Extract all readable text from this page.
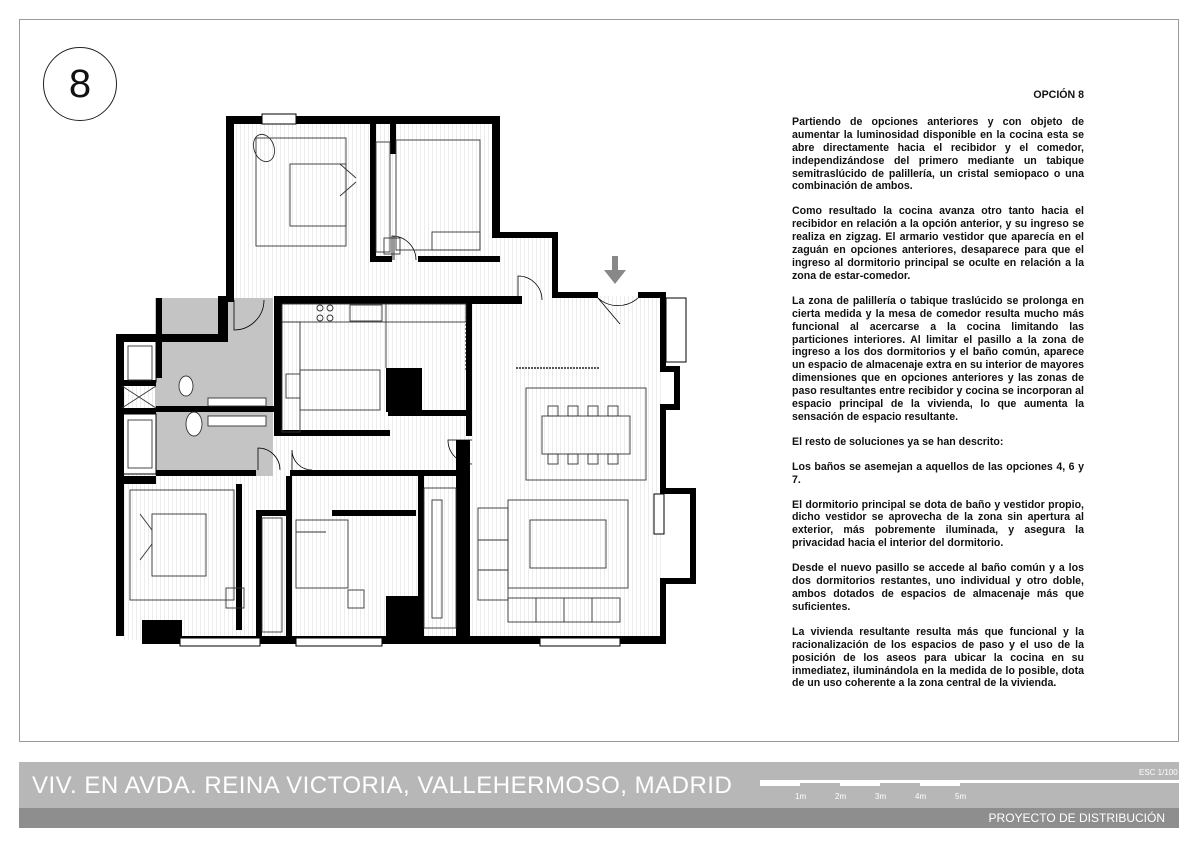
8	OPCIÓN 8

Partiendo de opciones anteriores y con objeto de aumentar la luminosidad disponible en la cocina esta se abre directamente hacia el recibidor y el comedor, independizándose del primero mediante un tabique semitraslúcido de palillería, un cristal semiopaco o una combinación de ambos.

Como resultado la cocina avanza otro tanto hacia el recibidor en relación a la opción anterior, y su ingreso se realiza en zigzag. El armario vestidor que aparecía en el zaguán en opciones anteriores, desaparece para que el ingreso al dormitorio principal se oculte en relación a la zona de estar-comedor.

La zona de palillería o tabique traslúcido se prolonga en cierta medida y la mesa de comedor resulta mucho más funcional al acercarse a la cocina limitando las particiones interiores. Al limitar el pasillo a la zona de ingreso a los dos dormitorios y el baño común, aparece un espacio de almacenaje extra en su interior de mayores dimensiones que en opciones anteriores y las zonas de paso resultantes entre recibidor y cocina se incorporan al espacio principal de la vivienda, lo que aumenta la sensación de espacio resultante.

El resto de soluciones ya se han descrito:

Los baños se asemejan a aquellos de las opciones 4, 6 y 7.

El dormitorio principal se dota de baño y vestidor propio, dicho vestidor se aprovecha de la zona sin apertura al exterior, más pobremente iluminada, y asegura la privacidad hacia el interior del dormitorio.

Desde el nuevo pasillo se accede al baño común y a los dos dormitorios restantes, uno individual y otro doble, ambos dotados de espacios de almacenaje más que suficientes.

La vivienda resultante resulta más que funcional y la racionalización de los espacios de paso y el uso de la posición de los aseos para ubicar la cocina en su inmediatez, iluminándola en la medida de lo posible, dota de un uso coherente a la zona central de la vivienda.

VIV. EN AVDA. REINA VICTORIA, VALLEHERMOSO, MADRID	ESC 1/100
1m	2m	3m	4m	5m
PROYECTO DE DISTRIBUCIÓN
